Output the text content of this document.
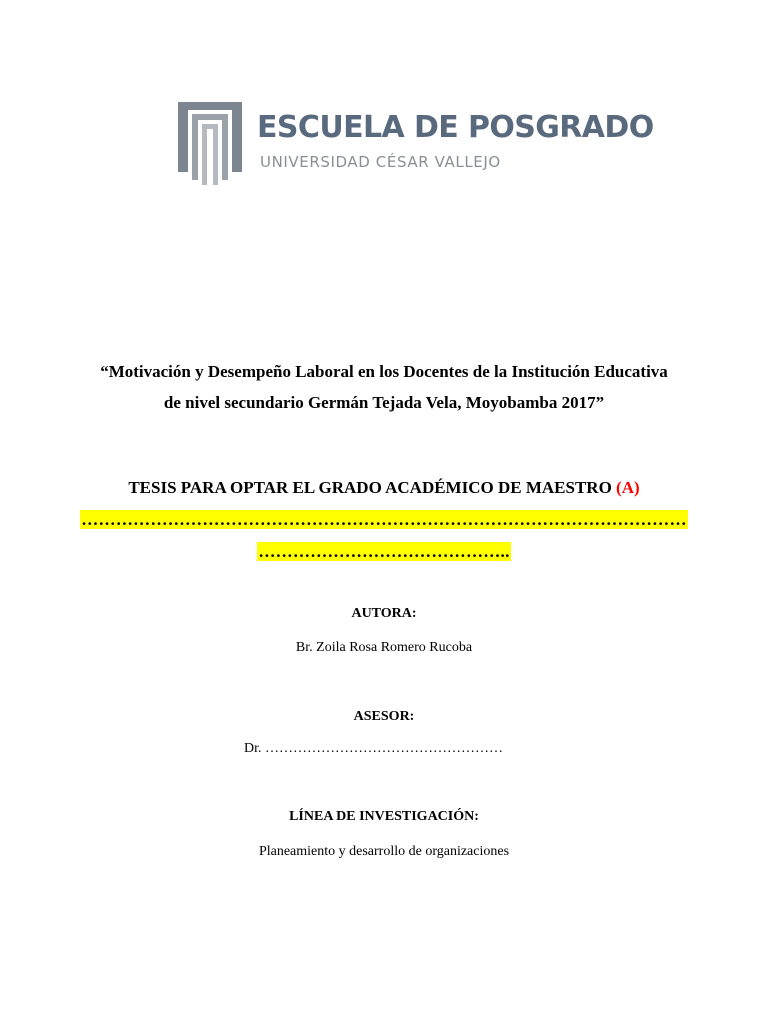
ESCUELA DE POSGRADO
UNIVERSIDAD CÉSAR VALLEJO
“Motivación y Desempeño Laboral en los Docentes de la Institución Educativa
de nivel secundario Germán Tejada Vela, Moyobamba 2017”
TESIS PARA OPTAR EL GRADO ACADÉMICO DE MAESTRO (A)
……………………………………………………………………………………………
……………………………………..
AUTORA:
Br. Zoila Rosa Romero Rucoba
ASESOR:
Dr. ……………………………………………
LÍNEA DE INVESTIGACIÓN:
Planeamiento y desarrollo de organizaciones
